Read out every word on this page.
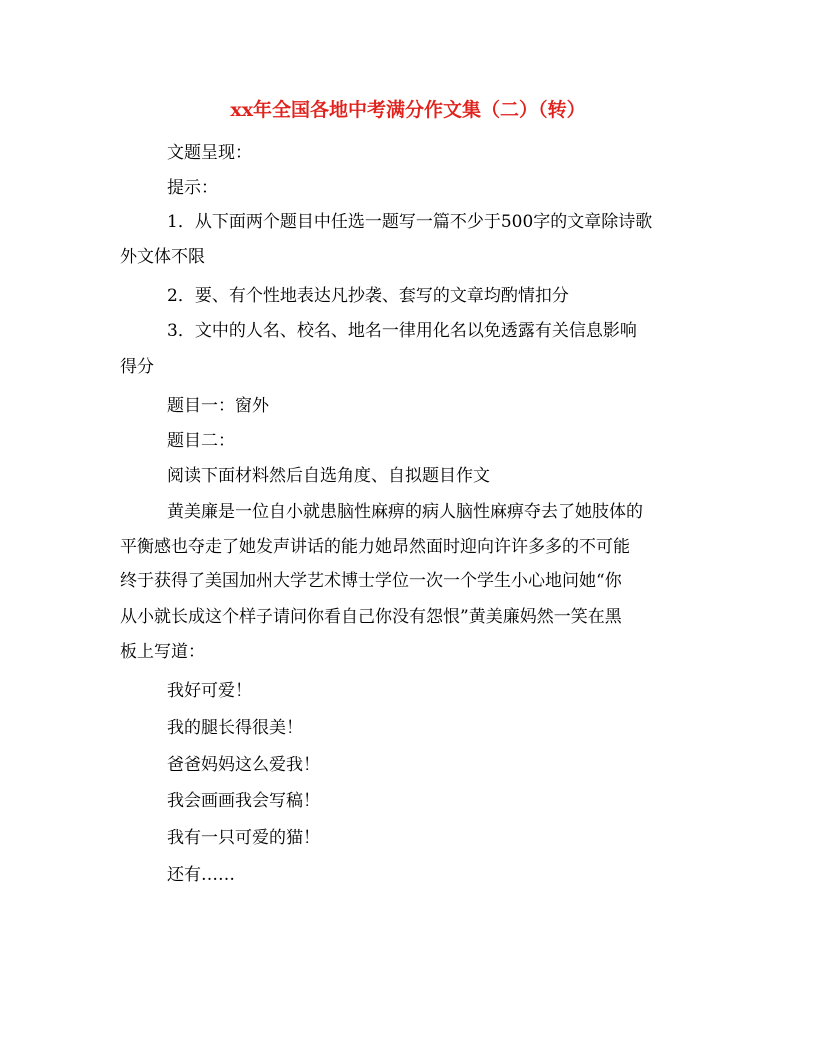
xx年全国各地中考满分作文集（二）（转）
文题呈现：
提示：
1．从下面两个题目中任选一题写一篇不少于500字的文章除诗歌
外文体不限
2．要、有个性地表达凡抄袭、套写的文章均酌情扣分
3．文中的人名、校名、地名一律用化名以免透露有关信息影响
得分
题目一：窗外
题目二：
阅读下面材料然后自选角度、自拟题目作文
黄美廉是一位自小就患脑性麻痹的病人脑性麻痹夺去了她肢体的
平衡感也夺走了她发声讲话的能力她昂然面时迎向许许多多的不可能
终于获得了美国加州大学艺术博士学位一次一个学生小心地问她“你
从小就长成这个样子请问你看自己你没有怨恨”黄美廉妈然一笑在黑
板上写道：
我好可爱！
我的腿长得很美！
爸爸妈妈这么爱我！
我会画画我会写稿！
我有一只可爱的猫！
还有……
